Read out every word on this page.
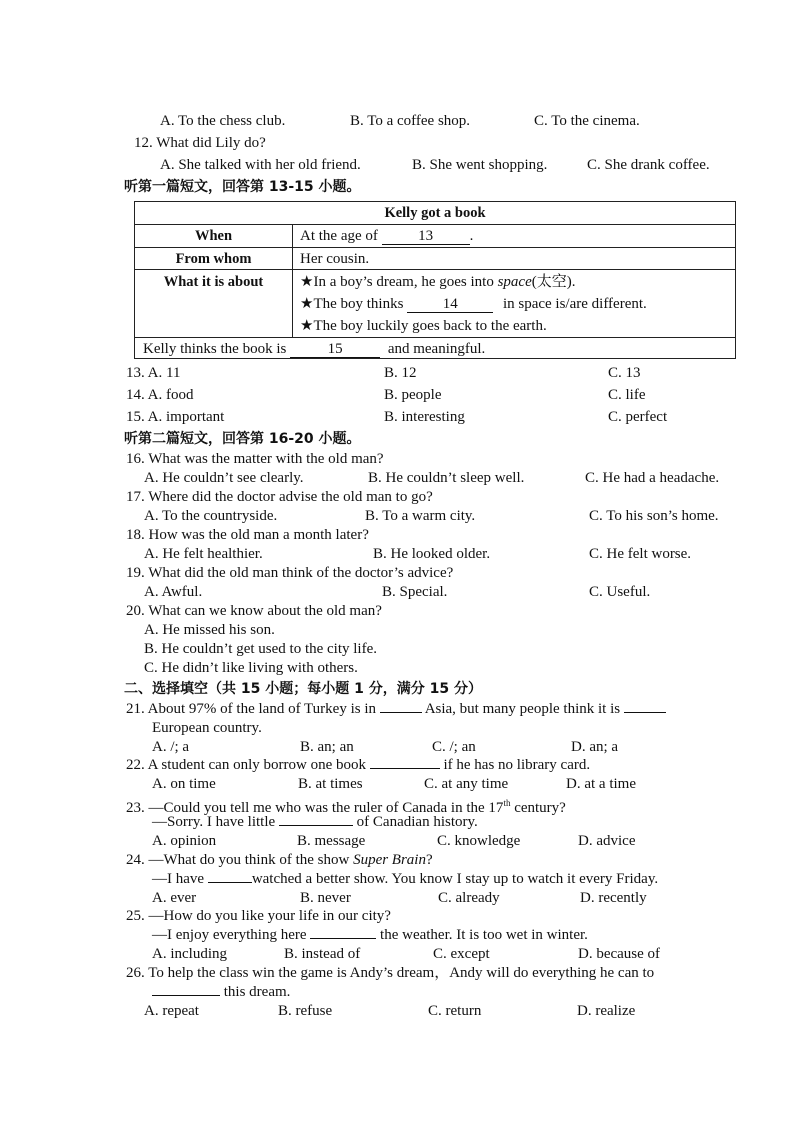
A. To the chess club.	B. To a coffee shop.	C. To the cinema.
12. What did Lily do?
A. She talked with her old friend.	B. She went shopping.	C. She drank coffee.
听第一篇短文，回答第 13-15 小题。
Kelly got a book
When	At the age of	13 .
From whom	Her cousin.
What it is about	★In a boy’s dream, he goes into space(太空).
★The boy thinks	14	in space is/are different.
★The boy luckily goes back to the earth.
Kelly thinks the book is	15	and meaningful.
13. A. 11	B. 12	C. 13
14. A. food	B. people	C. life
15. A. important	B. interesting	C. perfect
听第二篇短文，回答第 16-20 小题。
16. What was the matter with the old man?
A. He couldn’t see clearly.	B. He couldn’t sleep well.	C. He had a headache.
17. Where did the doctor advise the old man to go?
A. To the countryside.	B. To a warm city.	C. To his son’s home.
18. How was the old man a month later?
A. He felt healthier.	B. He looked older.	C. He felt worse.
19. What did the old man think of the doctor’s advice?
A. Awful.	B. Special.	C. Useful.
20. What can we know about the old man?
A. He missed his son.
B. He couldn’t get used to the city life.
C. He didn’t like living with others.
二、选择填空（共 15 小题；每小题 1 分，满分 15 分）
21. About 97% of the land of Turkey is in	Asia, but many people think it is
European country.
A. /; a	B. an; an	C. /; an	D. an; a
22. A student can only borrow one book	if he has no library card.
A. on time	B. at times	C. at any time	D. at a time
23. —Could you tell me who was the ruler of Canada in the 17th century?
—Sorry. I have little	of Canadian history.
A. opinion	B. message	C. knowledge	D. advice
24. —What do you think of the show Super Brain?
—I have	watched a better show. You know I stay up to watch it every Friday.
A. ever	B. never	C. already	D. recently
25. —How do you like your life in our city?
—I enjoy everything here	the weather. It is too wet in winter.
A. including	B. instead of	C. except	D. because of
26. To help the class win the game is Andy’s dream，Andy will do everything he can to
this dream.
A. repeat	B. refuse	C. return	D. realize
